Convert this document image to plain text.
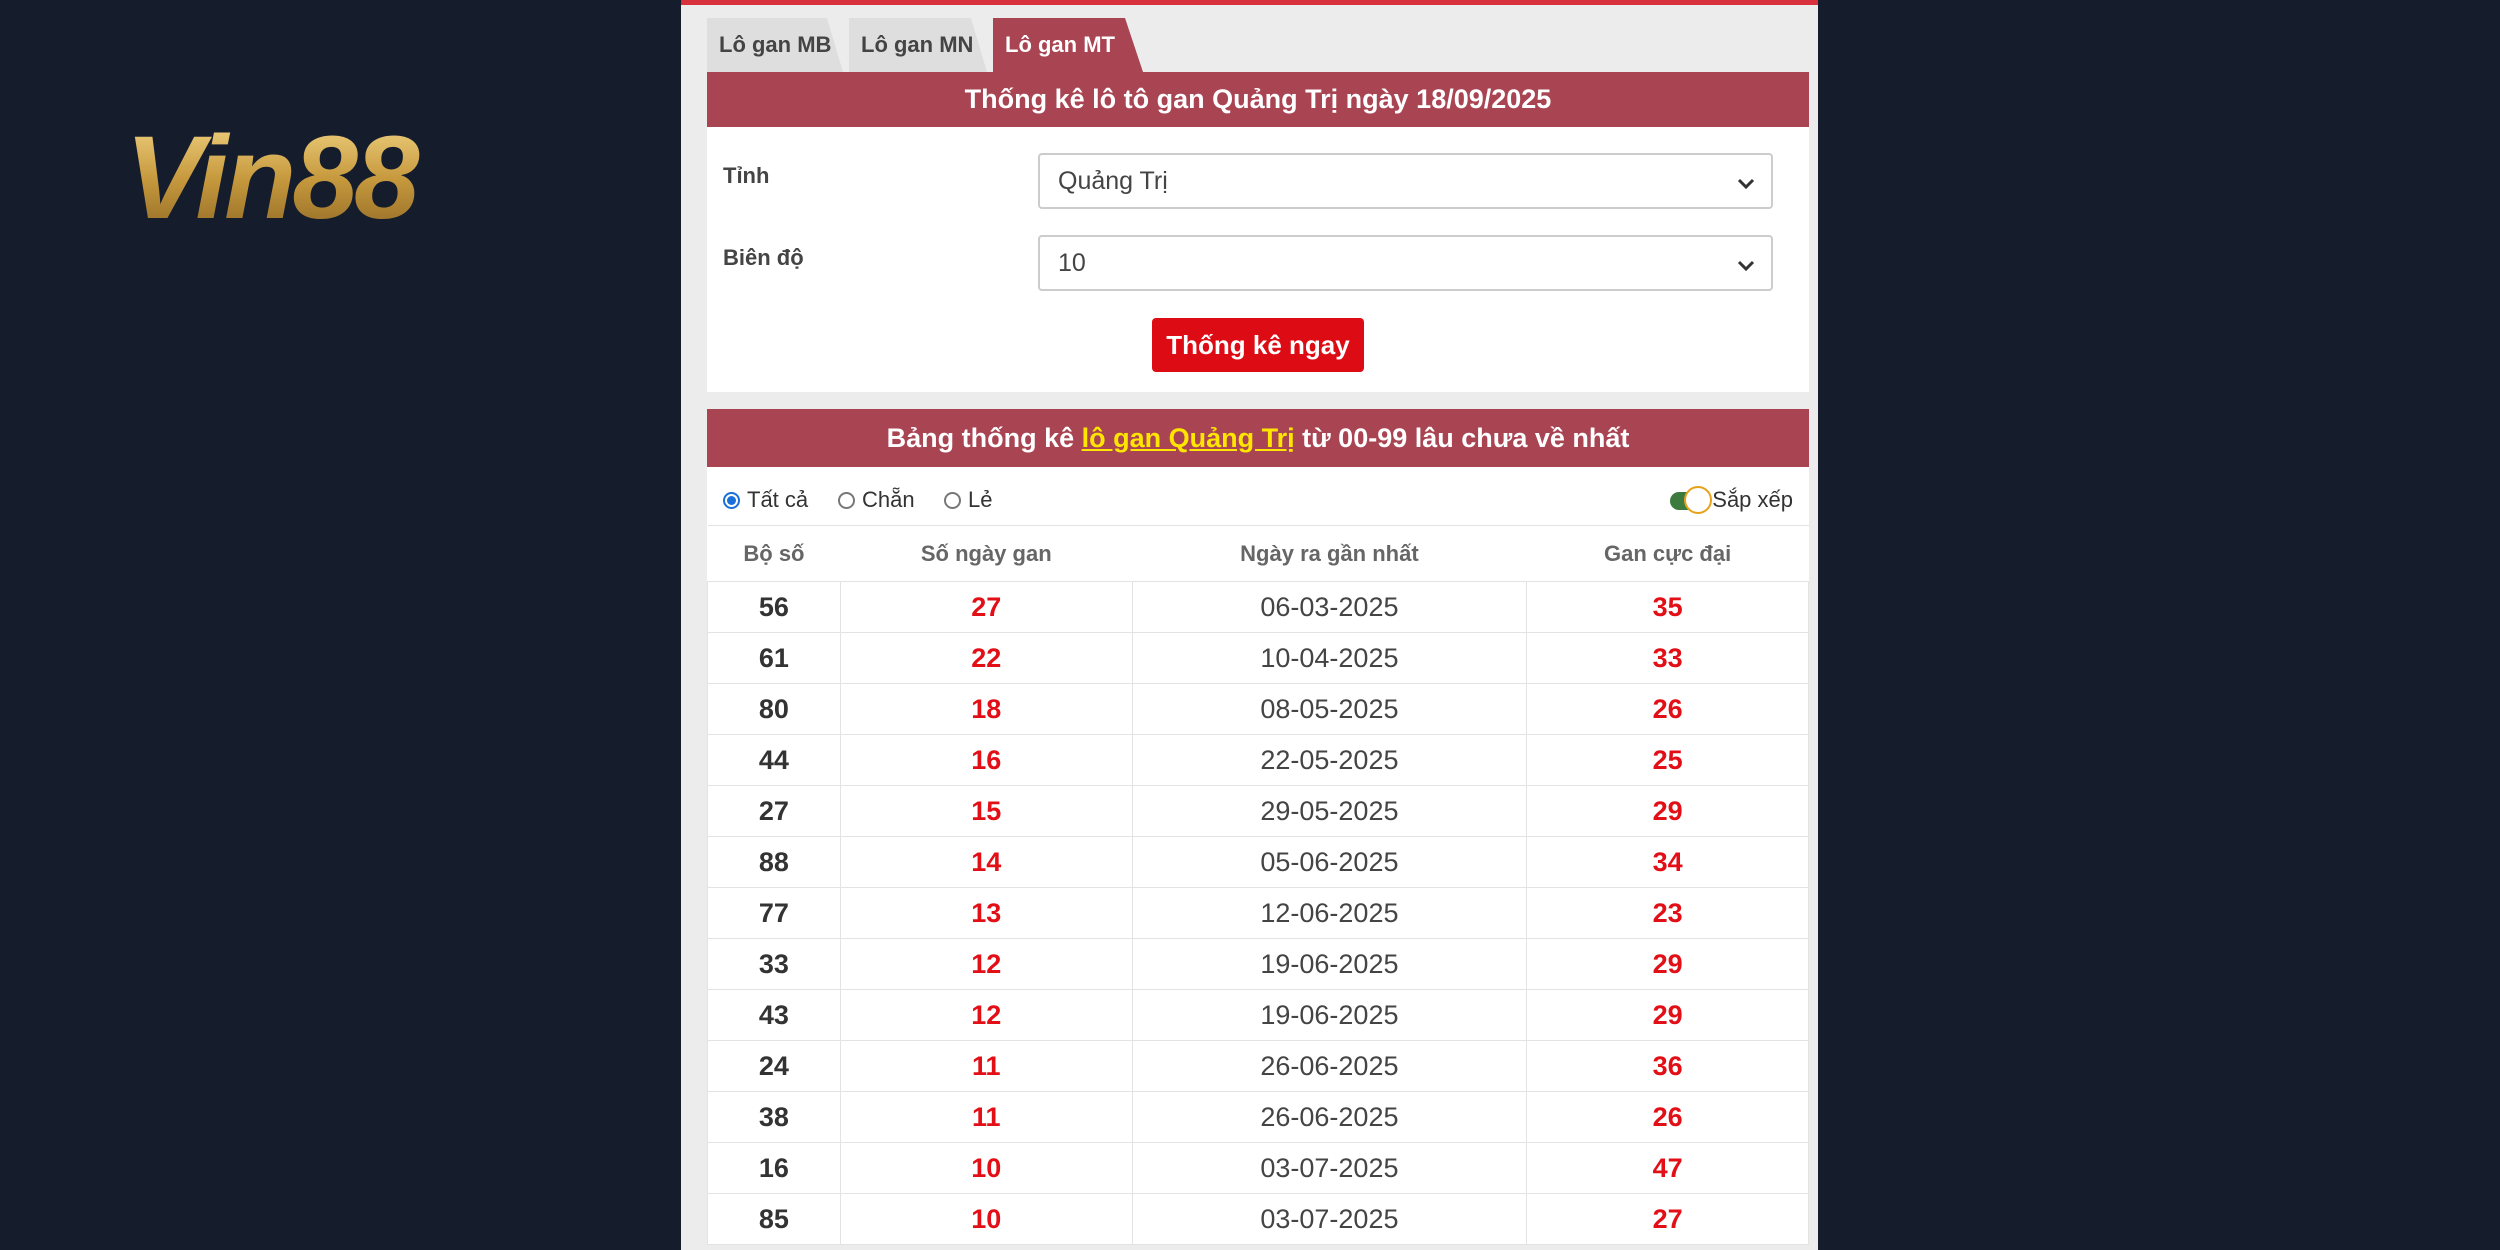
Vin88
Lô gan MB	Lô gan MN	Lô gan MT
Thống kê lô tô gan Quảng Trị ngày 18/09/2025
Tỉnh	Quảng Trị
Biên độ	10
Thống kê ngay
Bảng thống kê lô gan Quảng Trị từ 00-99 lâu chưa về nhất
Tất cả	Chẵn	Lẻ	Sắp xếp
Bộ số	Số ngày gan	Ngày ra gần nhất	Gan cực đại
56	27	06-03-2025	35
61	22	10-04-2025	33
80	18	08-05-2025	26
44	16	22-05-2025	25
27	15	29-05-2025	29
88	14	05-06-2025	34
77	13	12-06-2025	23
33	12	19-06-2025	29
43	12	19-06-2025	29
24	11	26-06-2025	36
38	11	26-06-2025	26
16	10	03-07-2025	47
85	10	03-07-2025	27
